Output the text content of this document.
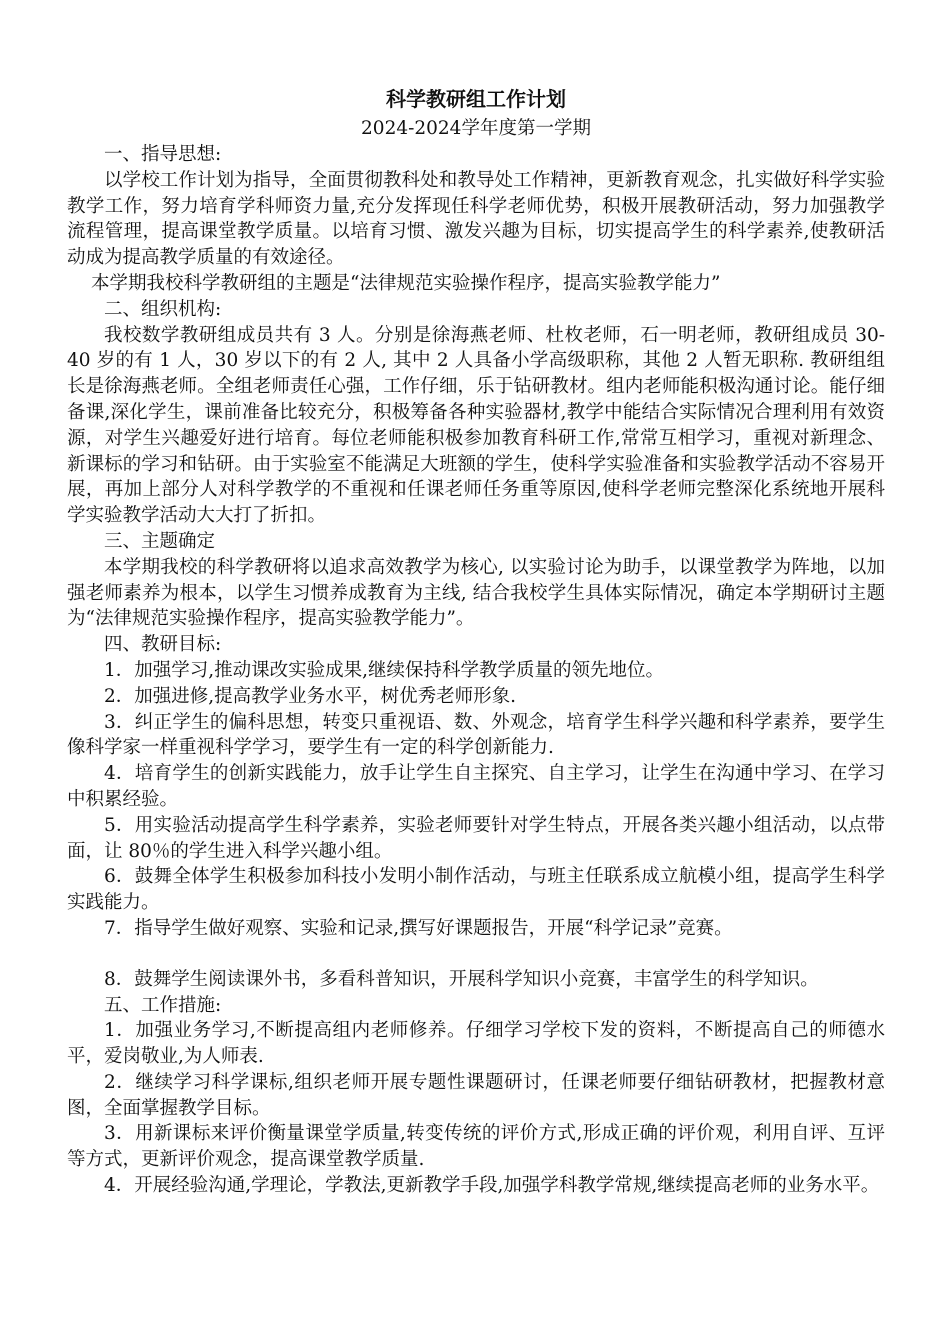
科学教研组工作计划

2024-2024学年度第一学期

一、指导思想:

以学校工作计划为指导，全面贯彻教科处和教导处工作精神，更新教育观念，扎实做好科学实验教学工作，努力培育学科师资力量,充分发挥现任科学老师优势，积极开展教研活动，努力加强教学流程管理，提高课堂教学质量。以培育习惯、激发兴趣为目标，切实提高学生的科学素养,使教研活动成为提高教学质量的有效途径。

本学期我校科学教研组的主题是“法律规范实验操作程序，提高实验教学能力”

二、组织机构:

我校数学教研组成员共有 3 人。分别是徐海燕老师、杜枚老师，石一明老师，教研组成员 30-40 岁的有 1 人，30 岁以下的有 2 人, 其中 2 人具备小学高级职称，其他 2 人暂无职称. 教研组组长是徐海燕老师。全组老师责任心强，工作仔细，乐于钻研教材。组内老师能积极沟通讨论。能仔细备课,深化学生，课前准备比较充分，积极筹备各种实验器材,教学中能结合实际情况合理利用有效资源，对学生兴趣爱好进行培育。每位老师能积极参加教育科研工作,常常互相学习，重视对新理念、新课标的学习和钻研。由于实验室不能满足大班额的学生，使科学实验准备和实验教学活动不容易开展，再加上部分人对科学教学的不重视和任课老师任务重等原因,使科学老师完整深化系统地开展科学实验教学活动大大打了折扣。

三、主题确定

本学期我校的科学教研将以追求高效教学为核心, 以实验讨论为助手，以课堂教学为阵地，以加强老师素养为根本，以学生习惯养成教育为主线, 结合我校学生具体实际情况，确定本学期研讨主题为“法律规范实验操作程序，提高实验教学能力”。

四、教研目标:

1．加强学习,推动课改实验成果,继续保持科学教学质量的领先地位。

2．加强进修,提高教学业务水平，树优秀老师形象.

3．纠正学生的偏科思想，转变只重视语、数、外观念，培育学生科学兴趣和科学素养，要学生像科学家一样重视科学学习，要学生有一定的科学创新能力.

4．培育学生的创新实践能力，放手让学生自主探究、自主学习，让学生在沟通中学习、在学习中积累经验。

5．用实验活动提高学生科学素养，实验老师要针对学生特点，开展各类兴趣小组活动，以点带面，让 80％的学生进入科学兴趣小组。

6．鼓舞全体学生积极参加科技小发明小制作活动，与班主任联系成立航模小组，提高学生科学实践能力。

7．指导学生做好观察、实验和记录,撰写好课题报告，开展“科学记录”竞赛。

8．鼓舞学生阅读课外书，多看科普知识，开展科学知识小竞赛，丰富学生的科学知识。

五、工作措施:

1．加强业务学习,不断提高组内老师修养。仔细学习学校下发的资料，不断提高自己的师德水平，爱岗敬业,为人师表.

2．继续学习科学课标,组织老师开展专题性课题研讨，任课老师要仔细钻研教材，把握教材意图，全面掌握教学目标。

3．用新课标来评价衡量课堂学质量,转变传统的评价方式,形成正确的评价观，利用自评、互评等方式，更新评价观念，提高课堂教学质量.

4．开展经验沟通,学理论，学教法,更新教学手段,加强学科教学常规,继续提高老师的业务水平。
